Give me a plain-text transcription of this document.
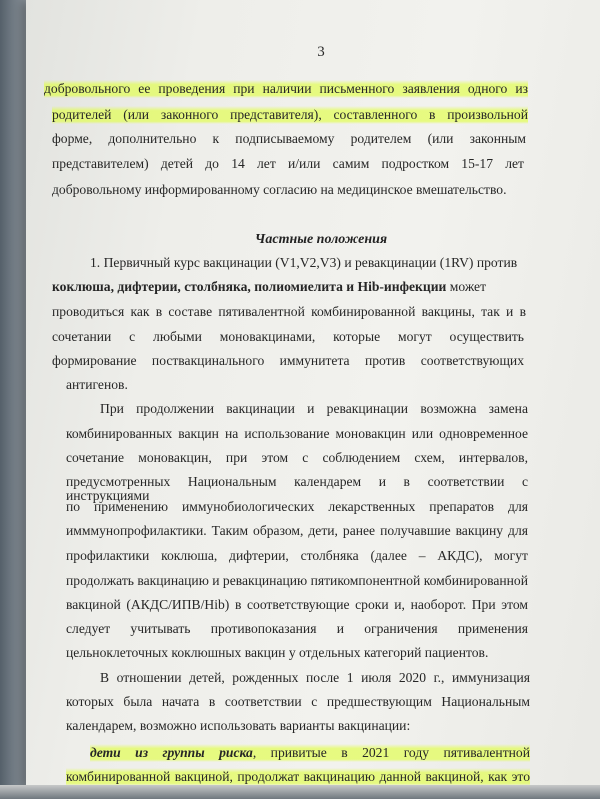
3
добровольного ее проведения при наличии письменного заявления одного из
родителей (или законного представителя), составленного в произвольной
форме, дополнительно к подписываемому родителем (или законным
представителем) детей до 14 лет и/или самим подростком 15-17 лет
добровольному информированному согласию на медицинское вмешательство.
Частные положения
1. Первичный курс вакцинации (V1,V2,V3) и ревакцинации (1RV) против
коклюша, дифтерии, столбняка, полиомиелита и Hib-инфекции может
проводиться как в составе пятивалентной комбинированной вакцины, так и в
сочетании с любыми моновакцинами, которые могут осуществить
формирование поствакцинального иммунитета против соответствующих
антигенов.
При продолжении вакцинации и ревакцинации возможна замена
комбинированных вакцин на использование моновакцин или одновременное
сочетание моновакцин, при этом с соблюдением схем, интервалов,
предусмотренных Национальным календарем и в соответствии с инструкциями
по применению иммунобиологических лекарственных препаратов для
имммунопрофилактики. Таким образом, дети, ранее получавшие вакцину для
профилактики коклюша, дифтерии, столбняка (далее – АКДС), могут
продолжать вакцинацию и ревакцинацию пятикомпонентной комбинированной
вакциной (АКДС/ИПВ/Hib) в соответствующие сроки и, наоборот. При этом
следует учитывать противопоказания и ограничения применения
цельноклеточных коклюшных вакцин у отдельных категорий пациентов.
В отношении детей, рожденных после 1 июля 2020 г., иммунизация
которых была начата в соответствии с предшествующим Национальным
календарем, возможно использовать варианты вакцинации:
дети из группы риска, привитые в 2021 году пятивалентной
комбинированной вакциной, продолжат вакцинацию данной вакциной, как это
